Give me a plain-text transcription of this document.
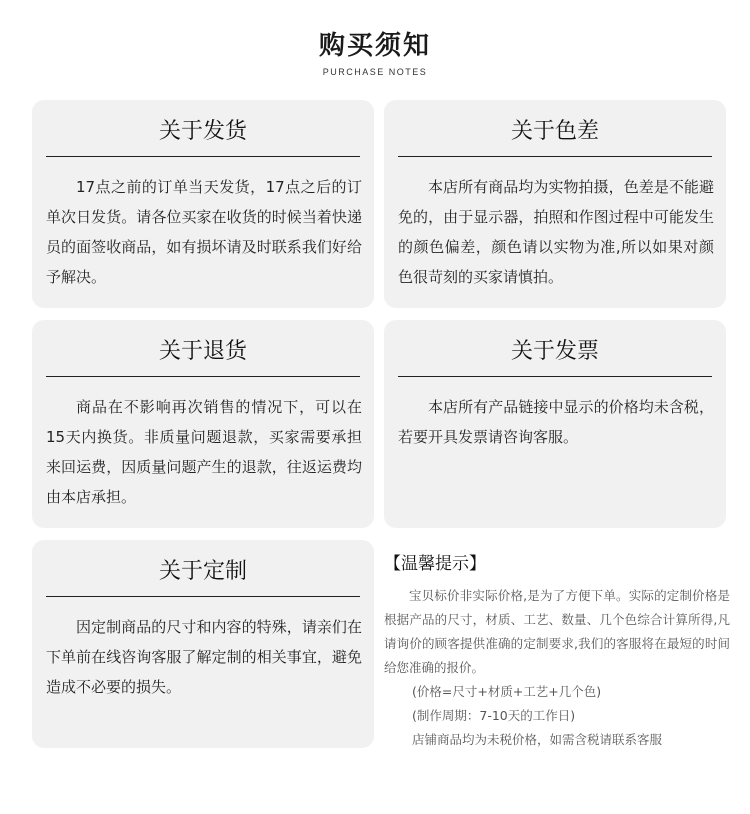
购买须知
PURCHASE NOTES
关于发货
17点之前的订单当天发货，17点之后的订单次日发货。请各位买家在收货的时候当着快递员的面签收商品，如有损坏请及时联系我们好给予解决。
关于色差
本店所有商品均为实物拍摄，色差是不能避免的，由于显示器，拍照和作图过程中可能发生的颜色偏差，颜色请以实物为准,所以如果对颜色很苛刻的买家请慎拍。
关于退货
商品在不影响再次销售的情况下，可以在15天内换货。非质量问题退款，买家需要承担来回运费，因质量问题产生的退款，往返运费均由本店承担。
关于发票
本店所有产品链接中显示的价格均未含税，若要开具发票请咨询客服。
关于定制
因定制商品的尺寸和内容的特殊，请亲们在下单前在线咨询客服了解定制的相关事宜，避免造成不必要的损失。
【温馨提示】
宝贝标价非实际价格,是为了方便下单。实际的定制价格是根据产品的尺寸，材质、工艺、数量、几个色综合计算所得,凡请询价的顾客提供准确的定制要求,我们的客服将在最短的时间给您准确的报价。
(价格=尺寸+材质+工艺+几个色)
(制作周期：7-10天的工作日)
店铺商品均为未税价格，如需含税请联系客服
